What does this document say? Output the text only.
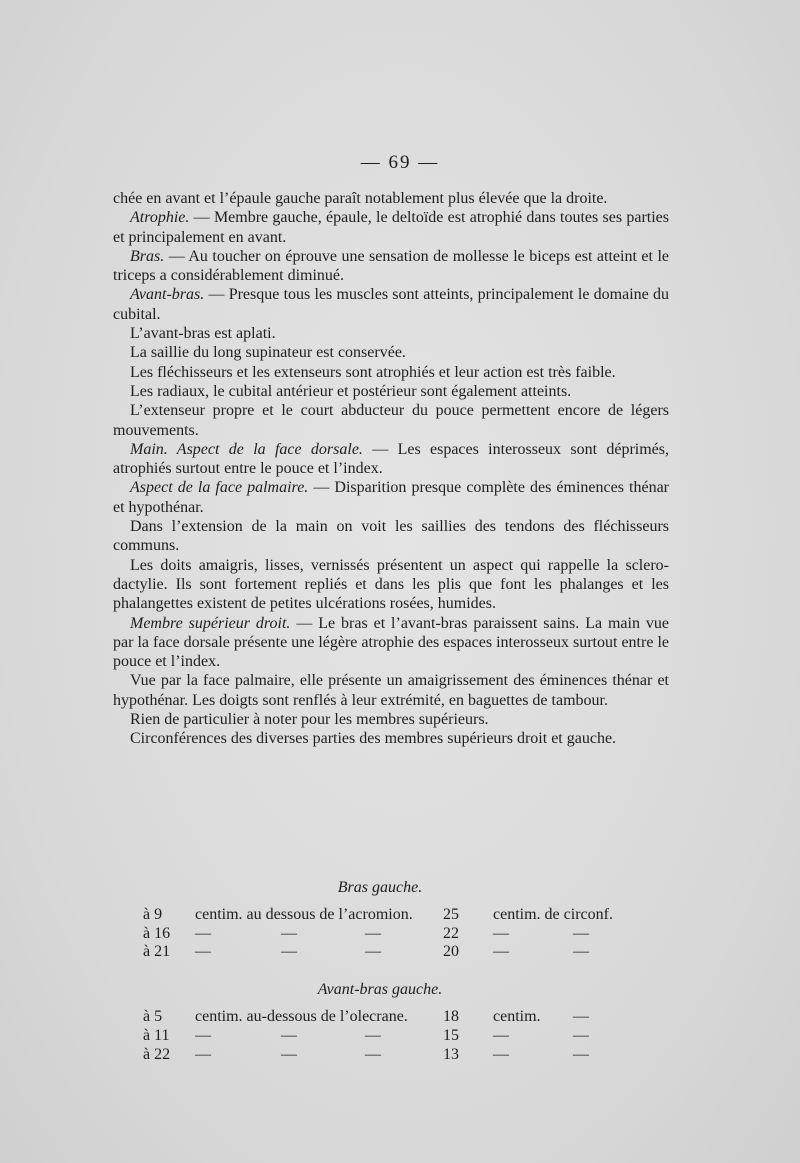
— 69 —

chée en avant et l’épaule gauche paraît notablement plus élevée que la droite.

Atrophie. — Membre gauche, épaule, le deltoïde est atrophié dans toutes ses parties et principalement en avant.

Bras. — Au toucher on éprouve une sensation de mollesse le biceps est atteint et le triceps a considérablement diminué.

Avant-bras. — Presque tous les muscles sont atteints, principalement le domaine du cubital.

L’avant-bras est aplati.

La saillie du long supinateur est conservée.

Les fléchisseurs et les extenseurs sont atrophiés et leur action est très faible.

Les radiaux, le cubital antérieur et postérieur sont également atteints.

L’extenseur propre et le court abducteur du pouce permettent encore de légers mouvements.

Main. Aspect de la face dorsale. — Les espaces interosseux sont déprimés, atrophiés surtout entre le pouce et l’index.

Aspect de la face palmaire. — Disparition presque complète des éminences thénar et hypothénar.

Dans l’extension de la main on voit les saillies des tendons des fléchisseurs communs.

Les doits amaigris, lisses, vernissés présentent un aspect qui rappelle la sclero-dactylie. Ils sont fortement repliés et dans les plis que font les phalanges et les phalangettes existent de petites ulcérations rosées, humides.

Membre supérieur droit. — Le bras et l’avant-bras paraissent sains. La main vue par la face dorsale présente une légère atrophie des espaces interosseux surtout entre le pouce et l’index.

Vue par la face palmaire, elle présente un amaigrissement des éminences thénar et hypothénar. Les doigts sont renflés à leur extrémité, en baguettes de tambour.

Rien de particulier à noter pour les membres supérieurs.

Circonférences des diverses parties des membres supérieurs droit et gauche.

Bras gauche.
à 9 centim. au dessous de l’acromion. 25 centim. de circonf.
à 16 —	—	—	22 —	—
à 21 —	—	—	20 —	—
Avant-bras gauche.
à 5 centim. au-dessous de l’olecrane. 18 centim. —
à 11 —	—	—	15 —	—
à 22 —	—	—	13 —	—
